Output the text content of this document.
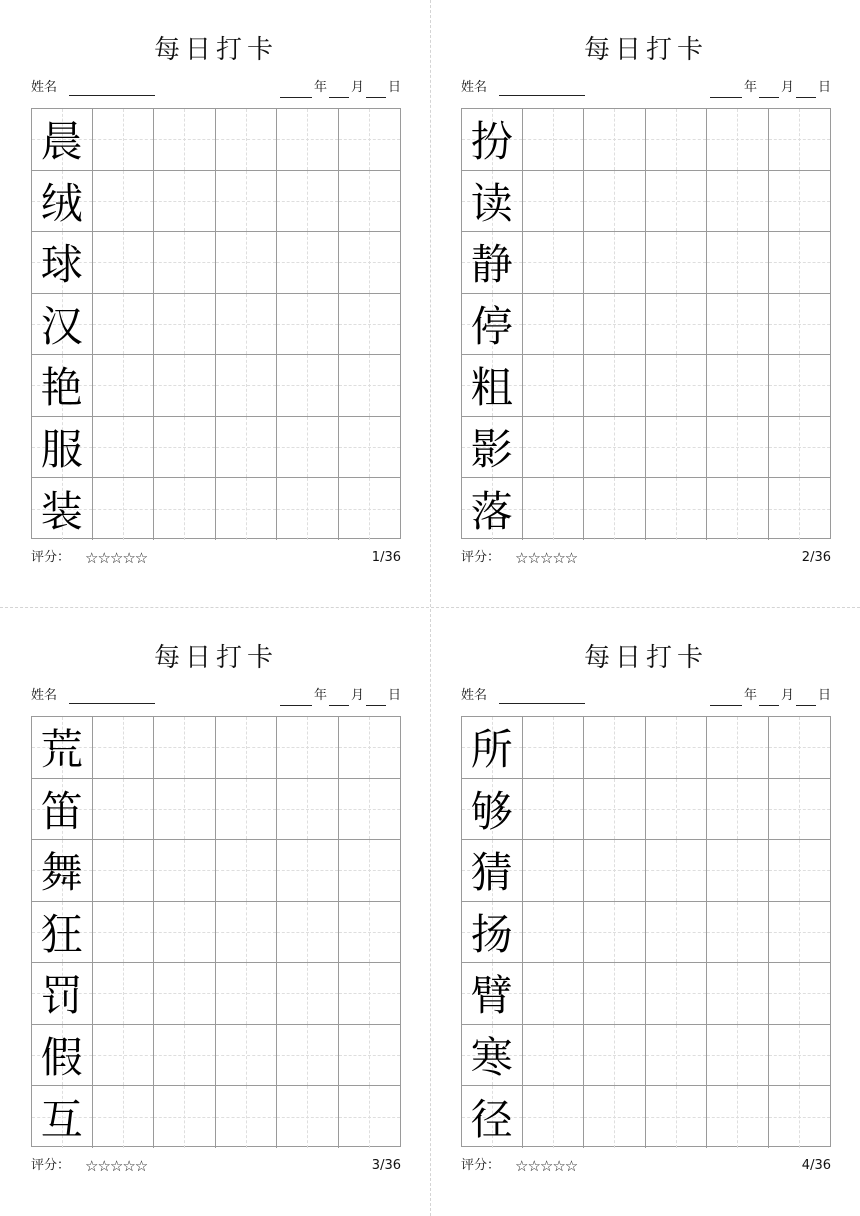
每日打卡
姓名	年 月 日
晨
绒
球
汉
艳
服
装
评分： ☆☆☆☆☆	1/36
每日打卡
姓名	年 月 日
扮
读
静
停
粗
影
落
评分： ☆☆☆☆☆	2/36
每日打卡
姓名	年 月 日
荒
笛
舞
狂
罚
假
互
评分： ☆☆☆☆☆	3/36
每日打卡
姓名	年 月 日
所
够
猜
扬
臂
寒
径
评分： ☆☆☆☆☆	4/36
